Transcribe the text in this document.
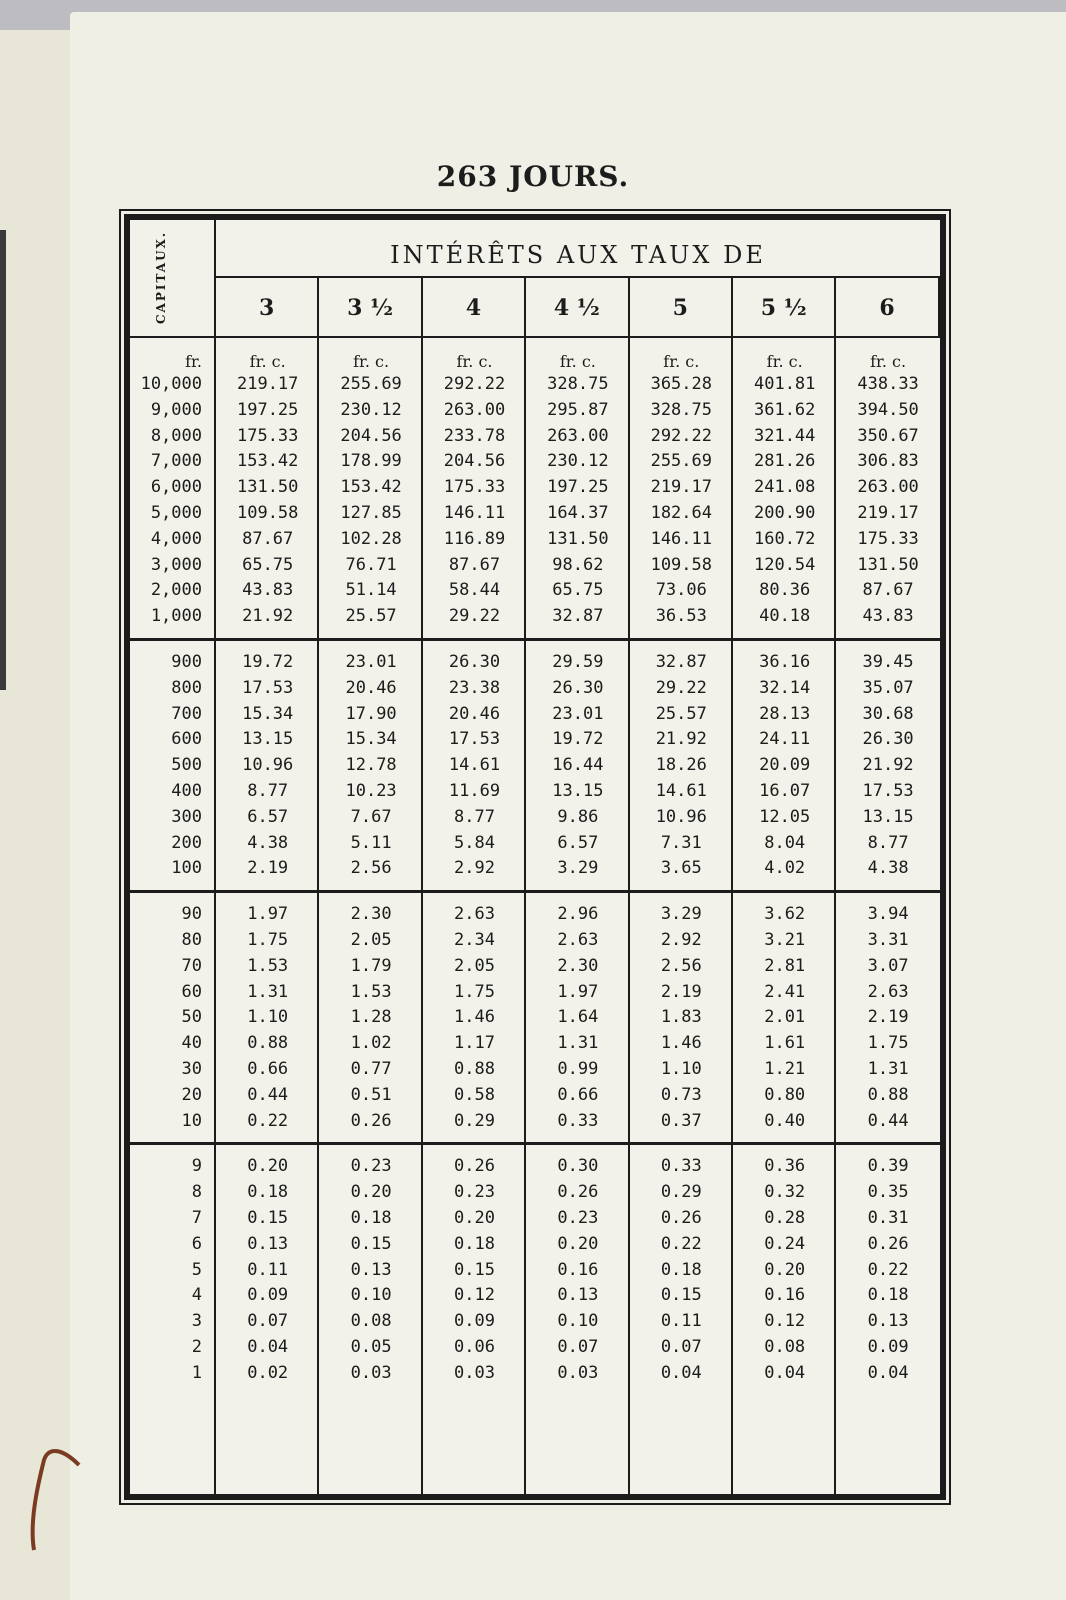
263 JOURS.
CAPITAUX.	INTÉRÊTS AUX TAUX DE
3	3 ½	4	4 ½	5	5 ½	6
fr.	fr. c.	fr. c.	fr. c.	fr. c.	fr. c.	fr. c.	fr. c.
10,000	219.17	255.69	292.22	328.75	365.28	401.81	438.33
9,000	197.25	230.12	263.00	295.87	328.75	361.62	394.50
8,000	175.33	204.56	233.78	263.00	292.22	321.44	350.67
7,000	153.42	178.99	204.56	230.12	255.69	281.26	306.83
6,000	131.50	153.42	175.33	197.25	219.17	241.08	263.00
5,000	109.58	127.85	146.11	164.37	182.64	200.90	219.17
4,000	87.67	102.28	116.89	131.50	146.11	160.72	175.33
3,000	65.75	76.71	87.67	98.62	109.58	120.54	131.50
2,000	43.83	51.14	58.44	65.75	73.06	80.36	87.67
1,000	21.92	25.57	29.22	32.87	36.53	40.18	43.83
900	19.72	23.01	26.30	29.59	32.87	36.16	39.45
800	17.53	20.46	23.38	26.30	29.22	32.14	35.07
700	15.34	17.90	20.46	23.01	25.57	28.13	30.68
600	13.15	15.34	17.53	19.72	21.92	24.11	26.30
500	10.96	12.78	14.61	16.44	18.26	20.09	21.92
400	8.77	10.23	11.69	13.15	14.61	16.07	17.53
300	6.57	7.67	8.77	9.86	10.96	12.05	13.15
200	4.38	5.11	5.84	6.57	7.31	8.04	8.77
100	2.19	2.56	2.92	3.29	3.65	4.02	4.38
90	1.97	2.30	2.63	2.96	3.29	3.62	3.94
80	1.75	2.05	2.34	2.63	2.92	3.21	3.31
70	1.53	1.79	2.05	2.30	2.56	2.81	3.07
60	1.31	1.53	1.75	1.97	2.19	2.41	2.63
50	1.10	1.28	1.46	1.64	1.83	2.01	2.19
40	0.88	1.02	1.17	1.31	1.46	1.61	1.75
30	0.66	0.77	0.88	0.99	1.10	1.21	1.31
20	0.44	0.51	0.58	0.66	0.73	0.80	0.88
10	0.22	0.26	0.29	0.33	0.37	0.40	0.44
9	0.20	0.23	0.26	0.30	0.33	0.36	0.39
8	0.18	0.20	0.23	0.26	0.29	0.32	0.35
7	0.15	0.18	0.20	0.23	0.26	0.28	0.31
6	0.13	0.15	0.18	0.20	0.22	0.24	0.26
5	0.11	0.13	0.15	0.16	0.18	0.20	0.22
4	0.09	0.10	0.12	0.13	0.15	0.16	0.18
3	0.07	0.08	0.09	0.10	0.11	0.12	0.13
2	0.04	0.05	0.06	0.07	0.07	0.08	0.09
1	0.02	0.03	0.03	0.03	0.04	0.04	0.04
